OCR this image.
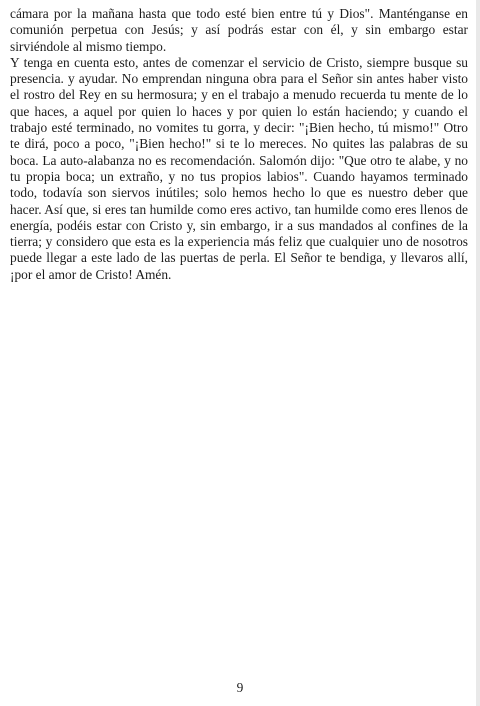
cámara por la mañana hasta que todo esté bien entre tú y Dios". Manténganse en comunión perpetua con Jesús; y así podrás estar con él, y sin embargo estar sirviéndole al mismo tiempo.

Y tenga en cuenta esto, antes de comenzar el servicio de Cristo, siempre busque su presencia. y ayudar. No emprendan ninguna obra para el Señor sin antes haber visto el rostro del Rey en su hermosura; y en el trabajo a menudo recuerda tu mente de lo que haces, a aquel por quien lo haces y por quien lo están haciendo; y cuando el trabajo esté terminado, no vomites tu gorra, y decir: "¡Bien hecho, tú mismo!" Otro te dirá, poco a poco, "¡Bien hecho!" si te lo mereces. No quites las palabras de su boca. La auto-alabanza no es recomendación. Salomón dijo: "Que otro te alabe, y no tu propia boca; un extraño, y no tus propios labios". Cuando hayamos terminado todo, todavía son siervos inútiles; solo hemos hecho lo que es nuestro deber que hacer. Así que, si eres tan humilde como eres activo, tan humilde como eres llenos de energía, podéis estar con Cristo y, sin embargo, ir a sus mandados al confines de la tierra; y considero que esta es la experiencia más feliz que cualquier uno de nosotros puede llegar a este lado de las puertas de perla. El Señor te bendiga, y llevaros allí, ¡por el amor de Cristo! Amén.

9
